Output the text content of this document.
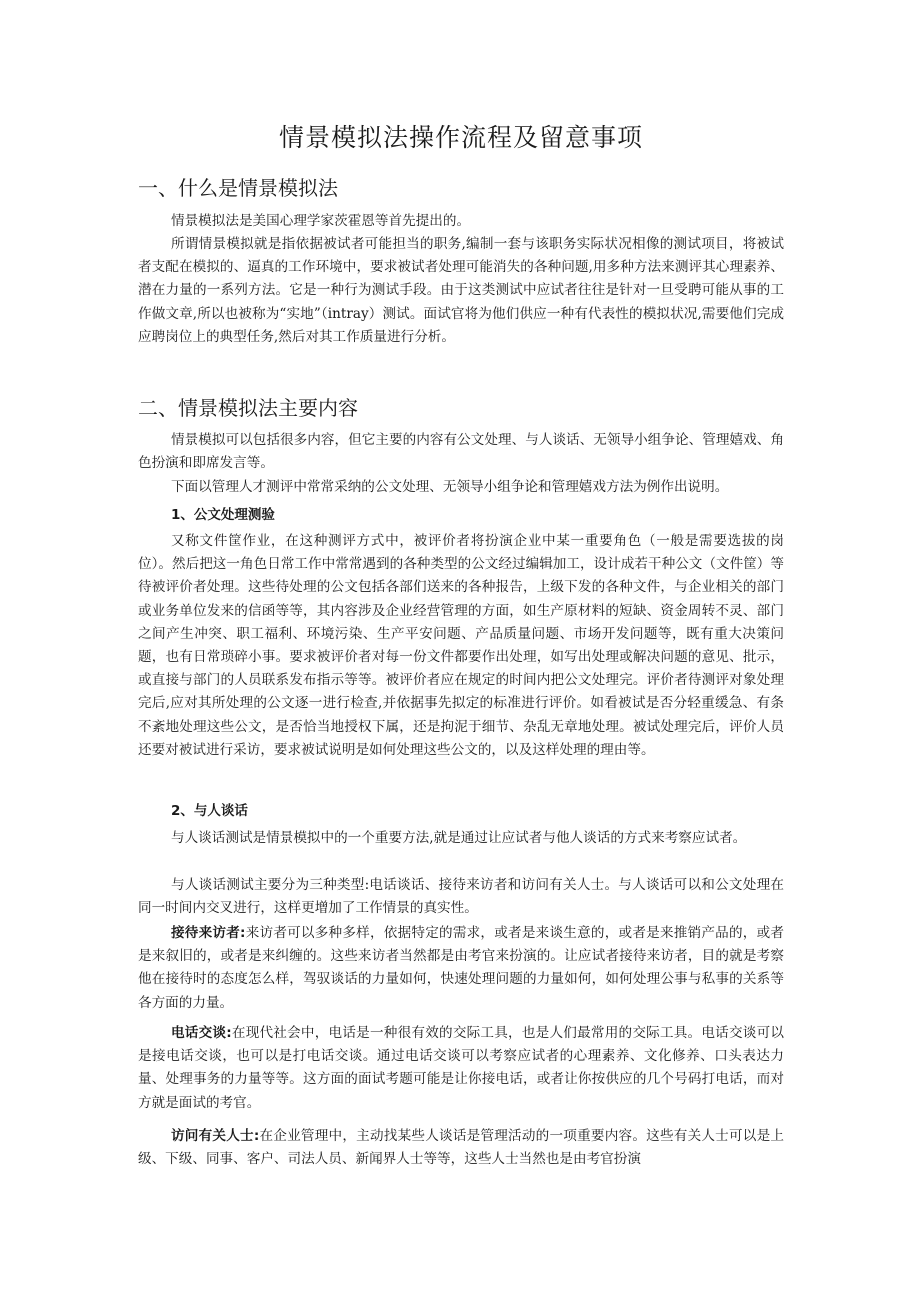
情景模拟法操作流程及留意事项
一、什么是情景模拟法

情景模拟法是美国心理学家茨霍恩等首先提出的。

所谓情景模拟就是指依据被试者可能担当的职务,编制一套与该职务实际状况相像的测试项目，将被试者支配在模拟的、逼真的工作环境中，要求被试者处理可能消失的各种问题,用多种方法来测评其心理素养、潜在力量的一系列方法。它是一种行为测试手段。由于这类测试中应试者往往是针对一旦受聘可能从事的工作做文章,所以也被称为“实地”（intray）测试。面试官将为他们供应一种有代表性的模拟状况,需要他们完成应聘岗位上的典型任务,然后对其工作质量进行分析。

二、情景模拟法主要内容

情景模拟可以包括很多内容，但它主要的内容有公文处理、与人谈话、无领导小组争论、管理嬉戏、角色扮演和即席发言等。

下面以管理人才测评中常常采纳的公文处理、无领导小组争论和管理嬉戏方法为例作出说明。

1、公文处理测验

又称文件筐作业，在这种测评方式中，被评价者将扮演企业中某一重要角色（一般是需要选拔的岗位）。然后把这一角色日常工作中常常遇到的各种类型的公文经过编辑加工，设计成若干种公文（文件筐）等待被评价者处理。这些待处理的公文包括各部们送来的各种报告，上级下发的各种文件，与企业相关的部门或业务单位发来的信函等等，其内容涉及企业经营管理的方面，如生产原材料的短缺、资金周转不灵、部门之间产生冲突、职工福利、环境污染、生产平安问题、产品质量问题、市场开发问题等，既有重大决策问题，也有日常琐碎小事。要求被评价者对每一份文件都要作出处理，如写出处理或解决问题的意见、批示，或直接与部门的人员联系发布指示等等。被评价者应在规定的时间内把公文处理完。评价者待测评对象处理完后,应对其所处理的公文逐一进行检查,并依据事先拟定的标准进行评价。如看被试是否分轻重缓急、有条不紊地处理这些公文，是否恰当地授权下属，还是拘泥于细节、杂乱无章地处理。被试处理完后，评价人员还要对被试进行采访，要求被试说明是如何处理这些公文的，以及这样处理的理由等。

2、与人谈话

与人谈话测试是情景模拟中的一个重要方法,就是通过让应试者与他人谈话的方式来考察应试者。

与人谈话测试主要分为三种类型:电话谈话、接待来访者和访问有关人士。与人谈话可以和公文处理在同一时间内交叉进行，这样更增加了工作情景的真实性。

接待来访者:来访者可以多种多样，依据特定的需求，或者是来谈生意的，或者是来推销产品的，或者是来叙旧的，或者是来纠缠的。这些来访者当然都是由考官来扮演的。让应试者接待来访者，目的就是考察他在接待时的态度怎么样，驾驭谈话的力量如何，快速处理问题的力量如何，如何处理公事与私事的关系等各方面的力量。

电话交谈:在现代社会中，电话是一种很有效的交际工具，也是人们最常用的交际工具。电话交谈可以是接电话交谈，也可以是打电话交谈。通过电话交谈可以考察应试者的心理素养、文化修养、口头表达力量、处理事务的力量等等。这方面的面试考题可能是让你接电话，或者让你按供应的几个号码打电话，而对方就是面试的考官。

访问有关人士:在企业管理中，主动找某些人谈话是管理活动的一项重要内容。这些有关人士可以是上级、下级、同事、客户、司法人员、新闻界人士等等，这些人士当然也是由考官扮演
